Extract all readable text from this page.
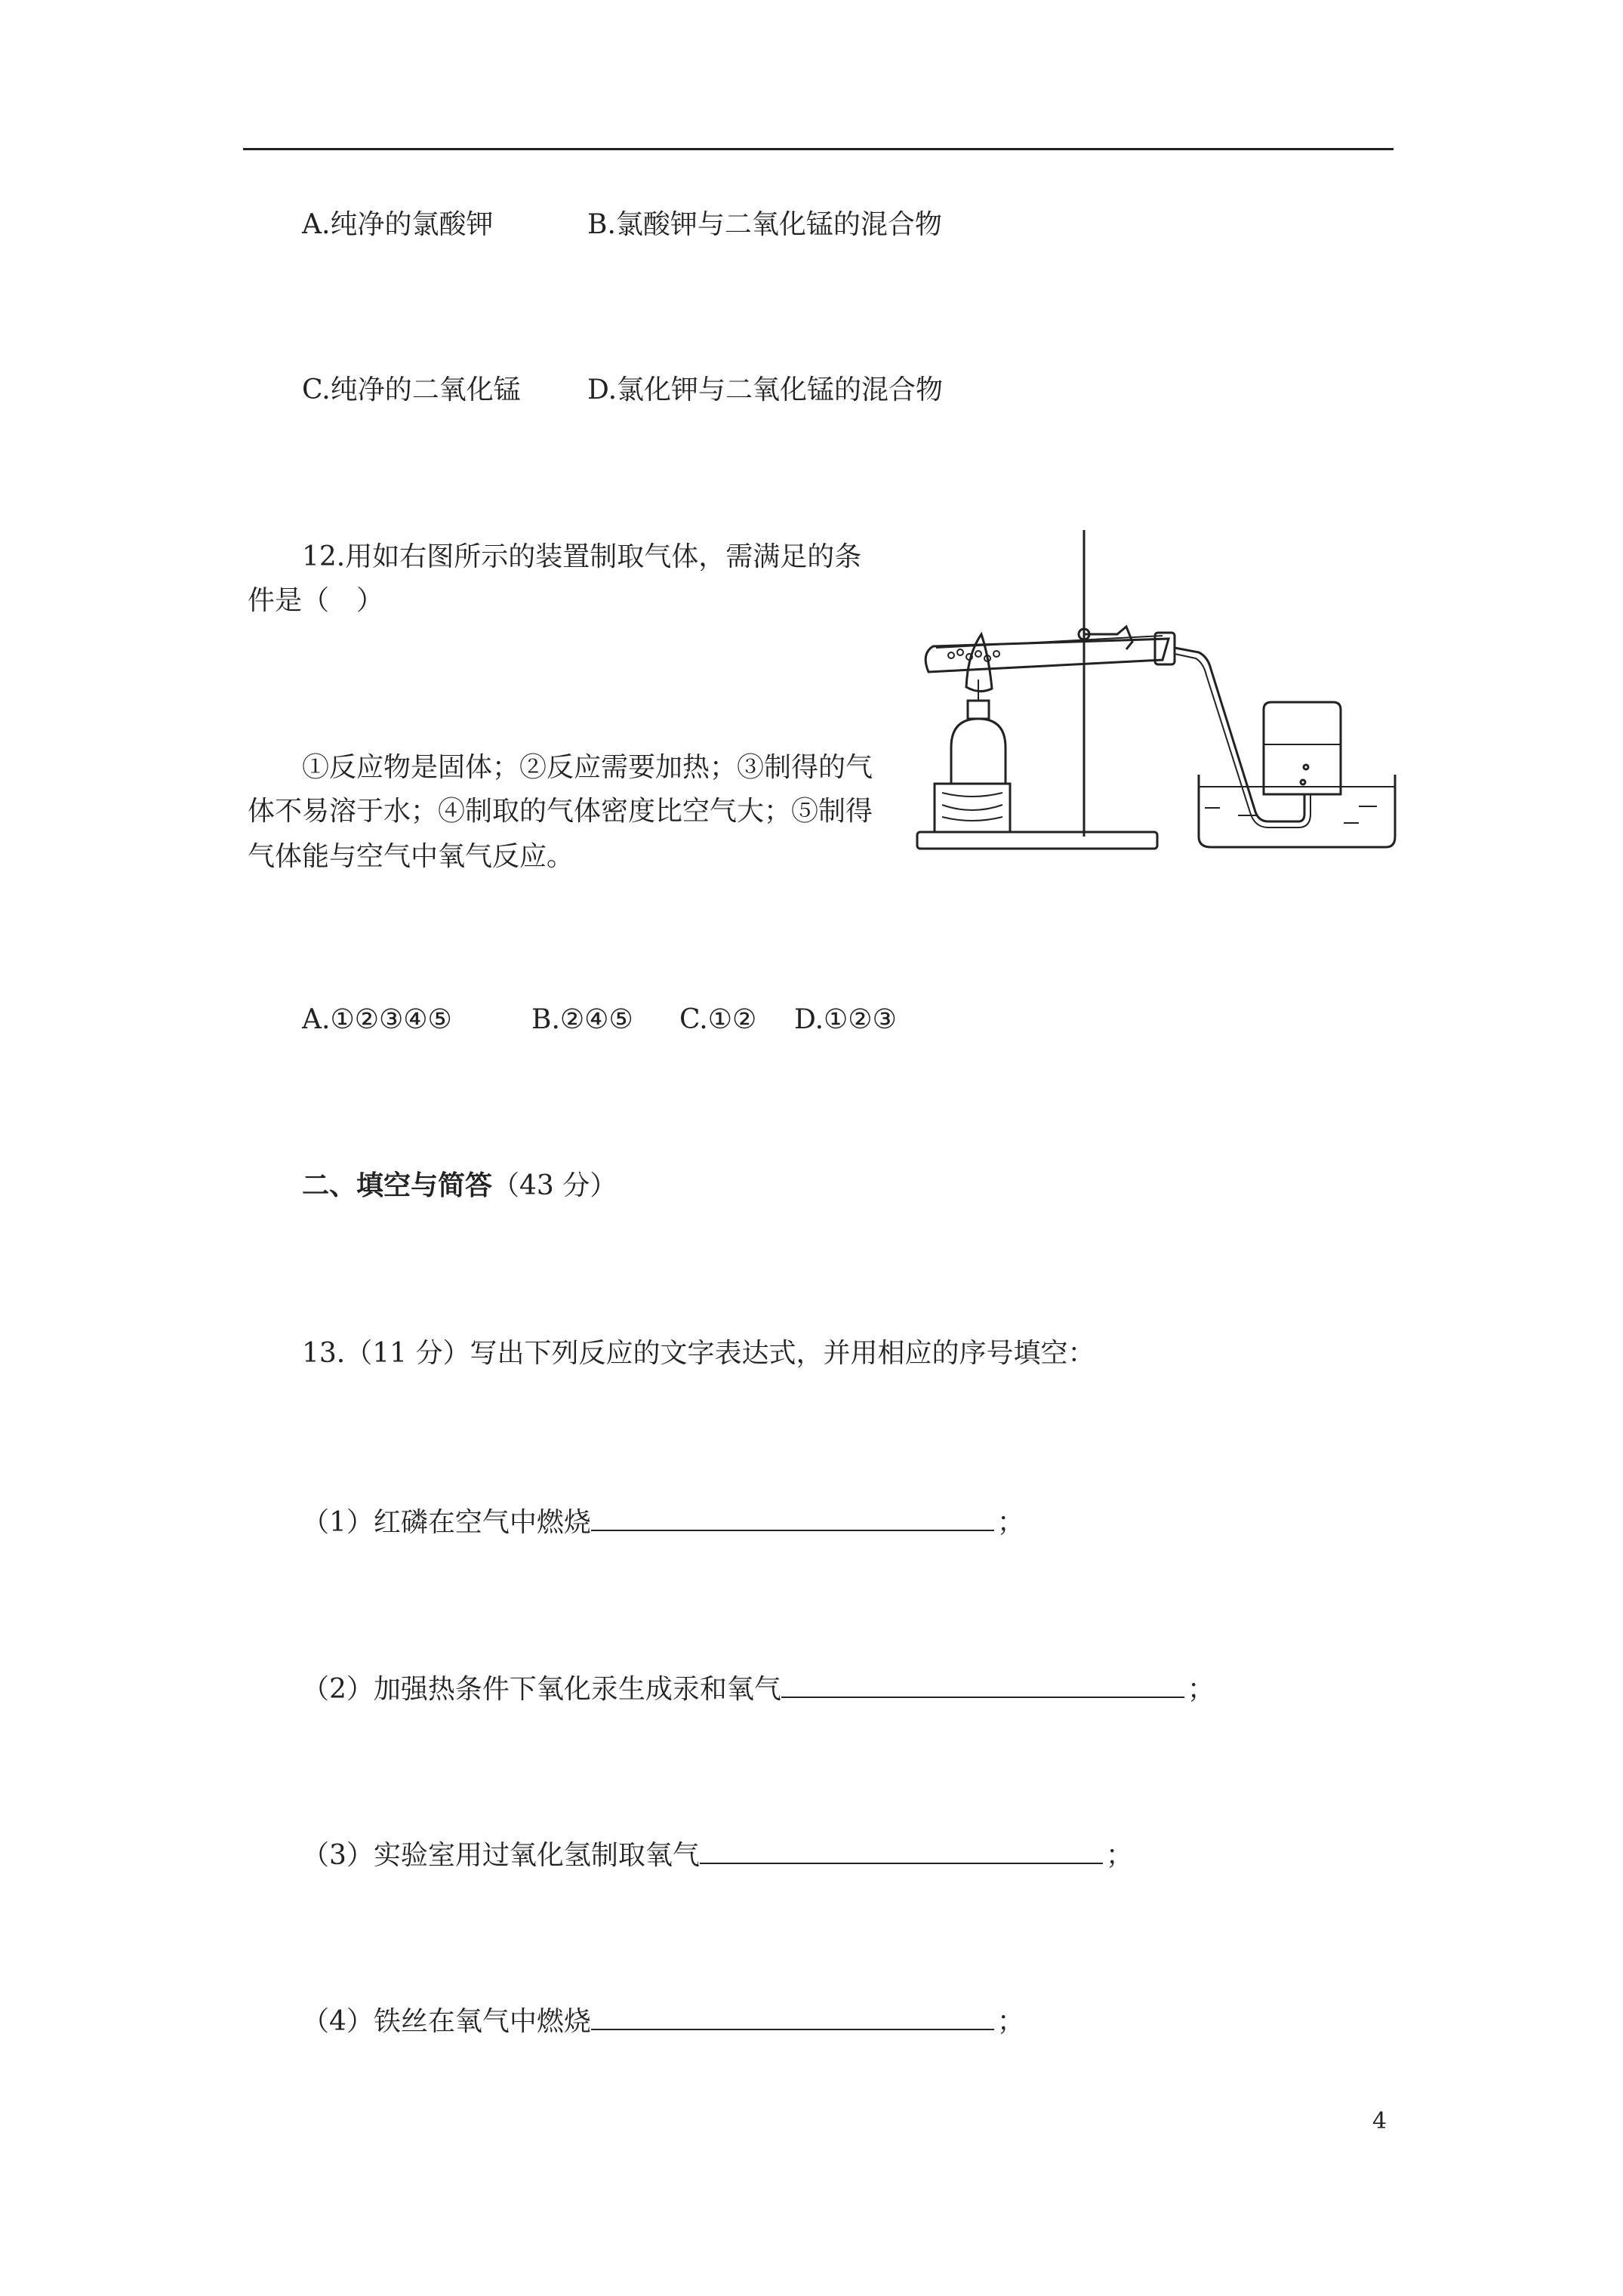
A.纯净的氯酸钾	B.氯酸钾与二氧化锰的混合物
C.纯净的二氧化锰 D.氯化钾与二氧化锰的混合物
12.用如右图所示的装置制取气体，需满足的条
件是（　）
①反应物是固体；②反应需要加热；③制得的气
体不易溶于水；④制取的气体密度比空气大；⑤制得
气体能与空气中氧气反应。
A.①②③④⑤	B.②④⑤ C.①② D.①②③
二、填空与简答（43 分）
13.（11 分）写出下列反应的文字表达式，并用相应的序号填空：
（1）红磷在空气中燃烧	；
（2）加强热条件下氧化汞生成汞和氧气	；
（3）实验室用过氧化氢制取氧气	；
（4）铁丝在氧气中燃烧	；
4
